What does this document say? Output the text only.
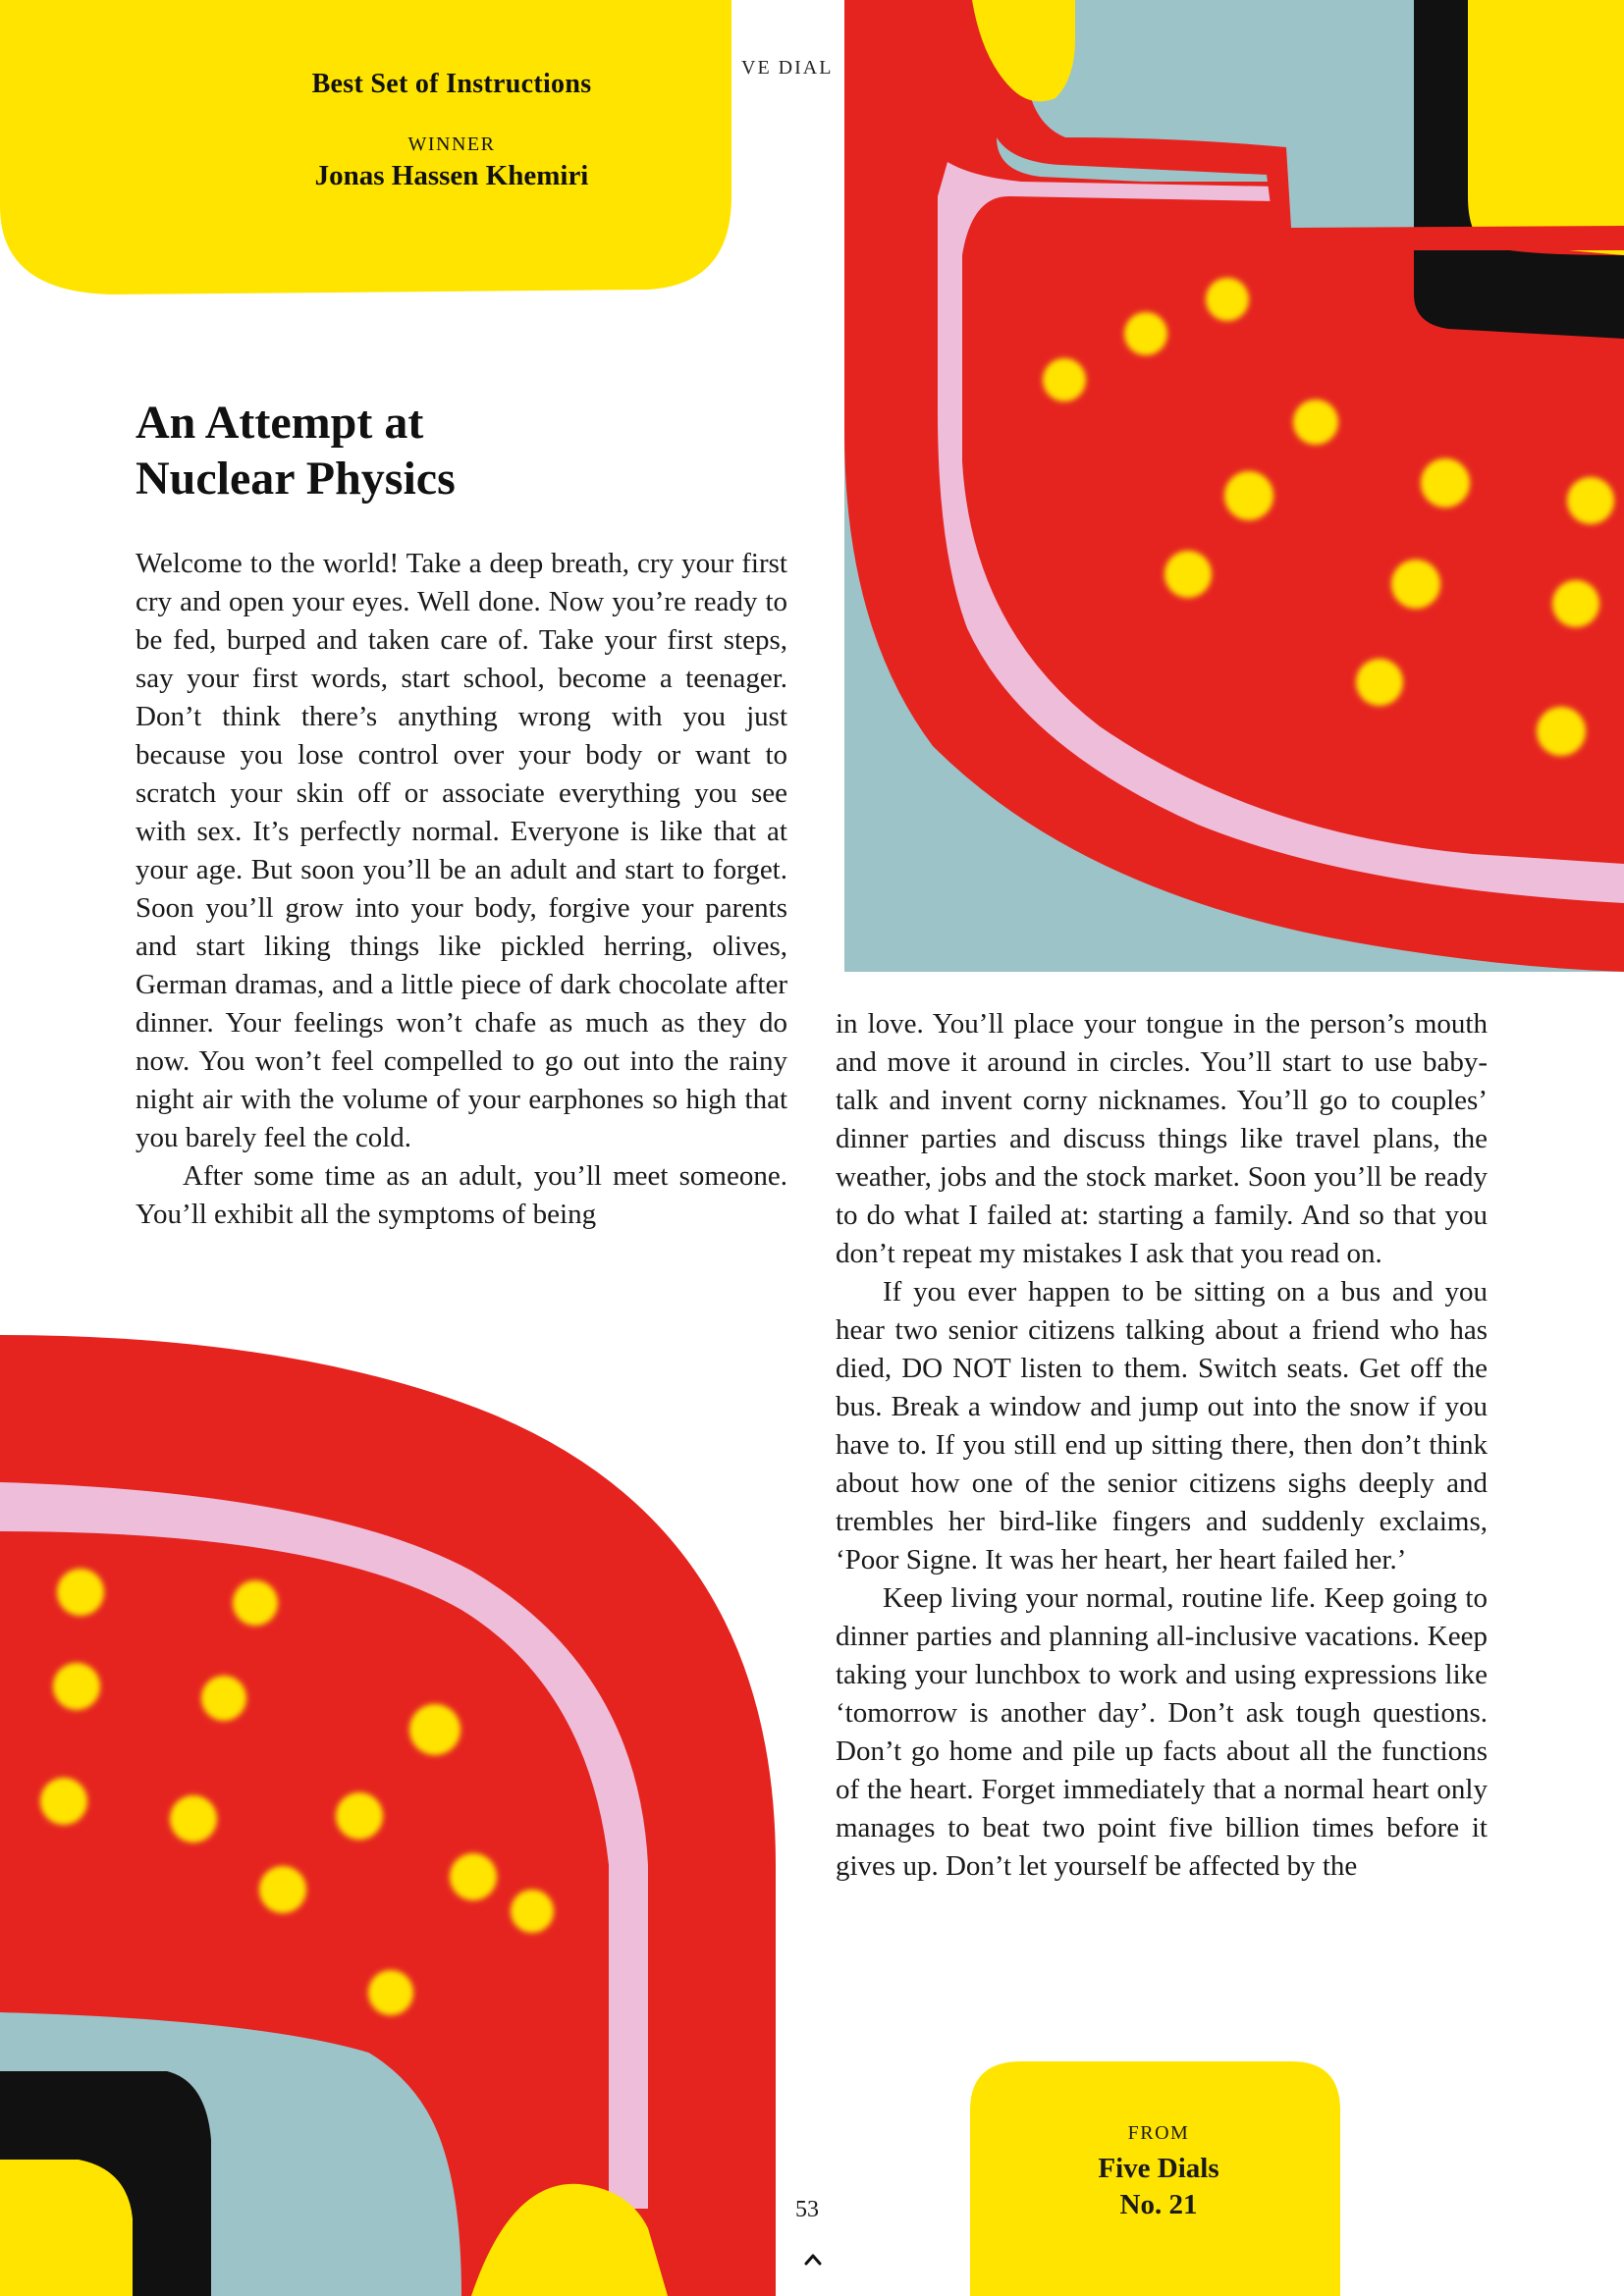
VE DIAL
Best Set of Instructions
WINNER
Jonas Hassen Khemiri
An Attempt at
Nuclear Physics

Welcome to the world! Take a deep breath, cry your first cry and open your eyes. Well done. Now you’re ready to be fed, burped and taken care of. Take your first steps, say your first words, start school, become a teenager. Don’t think there’s anything wrong with you just because you lose control over your body or want to scratch your skin off or associate everything you see with sex. It’s perfectly normal. Everyone is like that at your age. But soon you’ll be an adult and start to forget. Soon you’ll grow into your body, forgive your parents and start liking things like pickled herring, olives, German dramas, and a little piece of dark chocolate after dinner. Your feelings won’t chafe as much as they do now. You won’t feel compelled to go out into the rainy night air with the volume of your earphones so high that you barely feel the cold.

After some time as an adult, you’ll meet someone. You’ll exhibit all the symptoms of being

in love. You’ll place your tongue in the person’s mouth and move it around in circles. You’ll start to use baby-talk and invent corny nicknames. You’ll go to couples’ dinner parties and discuss things like travel plans, the weather, jobs and the stock market. Soon you’ll be ready to do what I failed at: starting a family. And so that you don’t repeat my mistakes I ask that you read on.

If you ever happen to be sitting on a bus and you hear two senior citizens talking about a friend who has died, DO NOT listen to them. Switch seats. Get off the bus. Break a window and jump out into the snow if you have to. If you still end up sitting there, then don’t think about how one of the senior citizens sighs deeply and trembles her bird-like fingers and suddenly exclaims, ‘Poor Signe. It was her heart, her heart failed her.’

Keep living your normal, routine life. Keep going to dinner parties and planning all-inclusive vacations. Keep taking your lunchbox to work and using expressions like ‘tomorrow is another day’. Don’t ask tough questions. Don’t go home and pile up facts about all the functions of the heart. Forget immediately that a normal heart only manages to beat two point five billion times before it gives up. Don’t let yourself be affected by the

FROM
Five Dials
No. 21
53
